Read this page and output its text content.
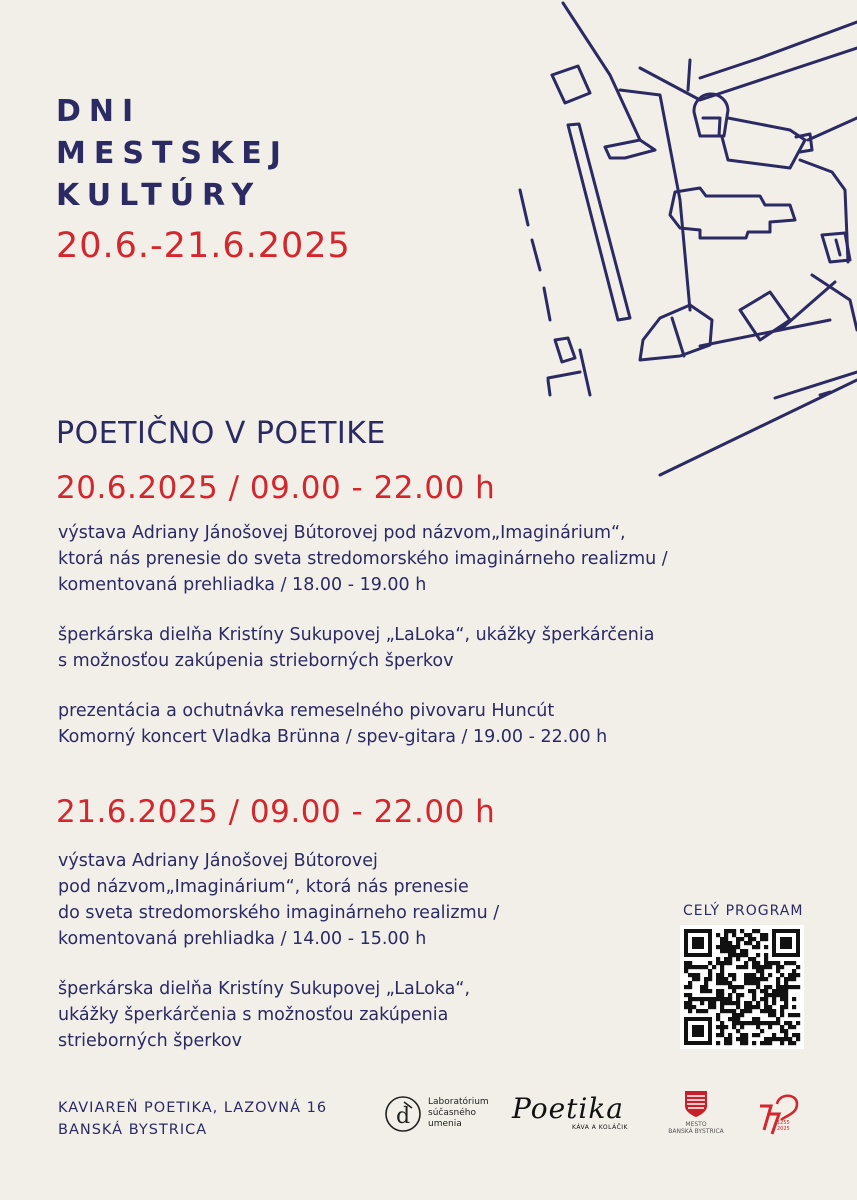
DNI
MESTSKEJ
KULTÚRY
20.6.-21.6.2025
POETIČNO V POETIKE
20.6.2025 / 09.00 - 22.00 h
výstava Adriany Jánošovej Bútorovej pod názvom„Imaginárium“,
ktorá nás prenesie do sveta stredomorského imaginárneho realizmu /
komentovaná prehliadka / 18.00 - 19.00 h
šperkárska dielňa Kristíny Sukupovej „LaLoka“, ukážky šperkárčenia
s možnosťou zakúpenia strieborných šperkov
prezentácia a ochutnávka remeselného pivovaru Huncút
Komorný koncert Vladka Brünna / spev-gitara / 19.00 - 22.00 h
21.6.2025 / 09.00 - 22.00 h
výstava Adriany Jánošovej Bútorovej
pod názvom„Imaginárium“, ktorá nás prenesie
do sveta stredomorského imaginárneho realizmu /
komentovaná prehliadka / 14.00 - 15.00 h
šperkárska dielňa Kristíny Sukupovej „LaLoka“,
ukážky šperkárčenia s možnosťou zakúpenia
strieborných šperkov
CELÝ PROGRAM
KAVIAREŇ POETIKA, LAZOVNÁ 16
BANSKÁ BYSTRICA
d
Laboratórium
súčasného
umenia	Poetika
KÁVA A KOLÁČIK	MESTO
BANSKÁ BYSTRICA
1255
2025
